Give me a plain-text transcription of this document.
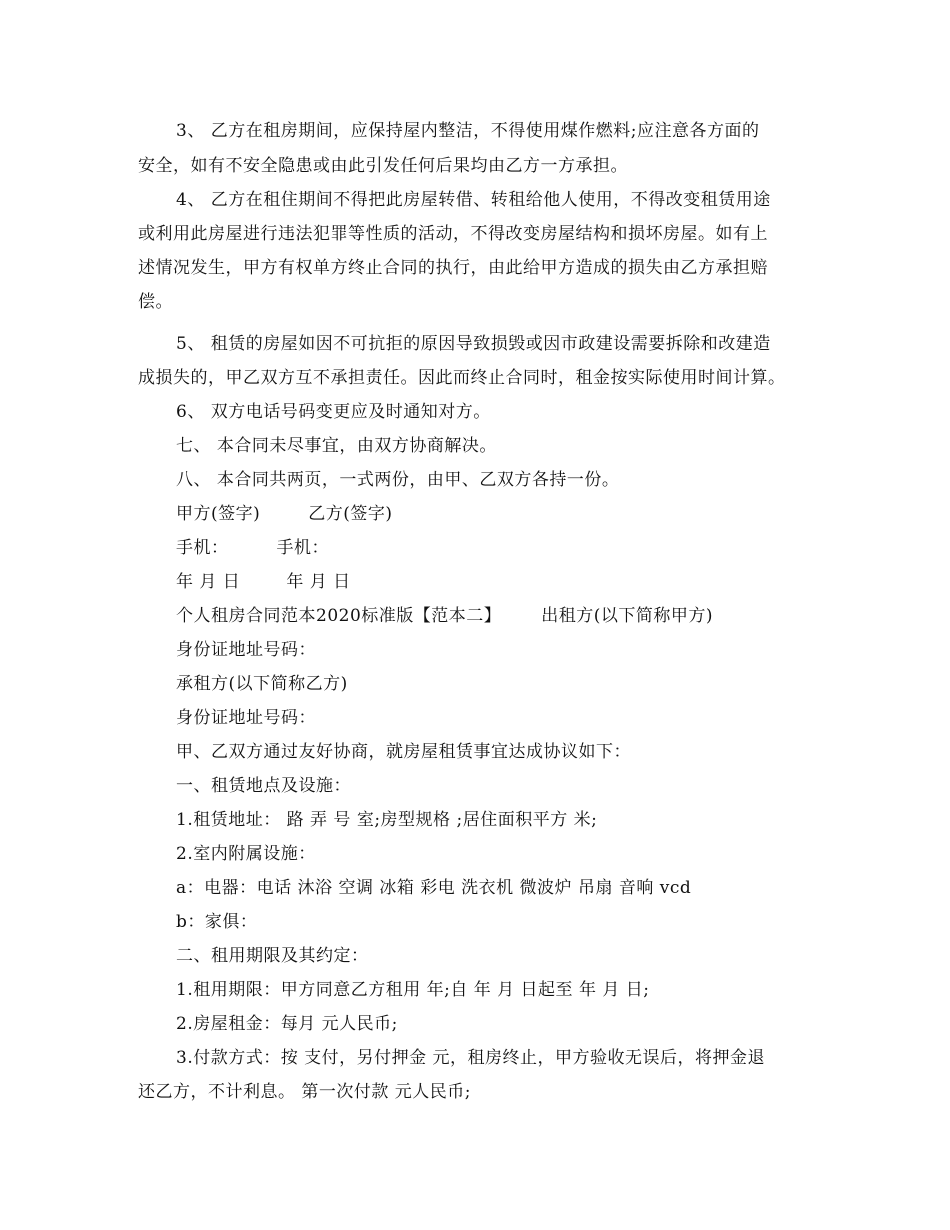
3、 乙方在租房期间，应保持屋内整洁，不得使用煤作燃料;应注意各方面的
安全，如有不安全隐患或由此引发任何后果均由乙方一方承担。
4、 乙方在租住期间不得把此房屋转借、转租给他人使用，不得改变租赁用途
或利用此房屋进行违法犯罪等性质的活动，不得改变房屋结构和损坏房屋。如有上
述情况发生，甲方有权单方终止合同的执行，由此给甲方造成的损失由乙方承担赔
偿。
5、 租赁的房屋如因不可抗拒的原因导致损毁或因市政建设需要拆除和改建造
成损失的，甲乙双方互不承担责任。因此而终止合同时，租金按实际使用时间计算。
6、 双方电话号码变更应及时通知对方。
七、 本合同未尽事宜，由双方协商解决。
八、 本合同共两页，一式两份，由甲、乙双方各持一份。
甲方(签字)	乙方(签字)
手机：	手机：
年 月 日	年 月 日
个人租房合同范本2020标准版【范本二】 出租方(以下简称甲方)
身份证地址号码：
承租方(以下简称乙方)
身份证地址号码：
甲、乙双方通过友好协商，就房屋租赁事宜达成协议如下：
一、租赁地点及设施：
1.租赁地址： 路 弄 号 室;房型规格 ;居住面积平方 米;
2.室内附属设施：
a：电器：电话 沐浴 空调 冰箱 彩电 洗衣机 微波炉 吊扇 音响 vcd
b：家俱：
二、租用期限及其约定：
1.租用期限：甲方同意乙方租用 年;自 年 月 日起至 年 月 日;
2.房屋租金：每月 元人民币;
3.付款方式：按 支付，另付押金 元，租房终止，甲方验收无误后，将押金退
还乙方，不计利息。 第一次付款 元人民币;
